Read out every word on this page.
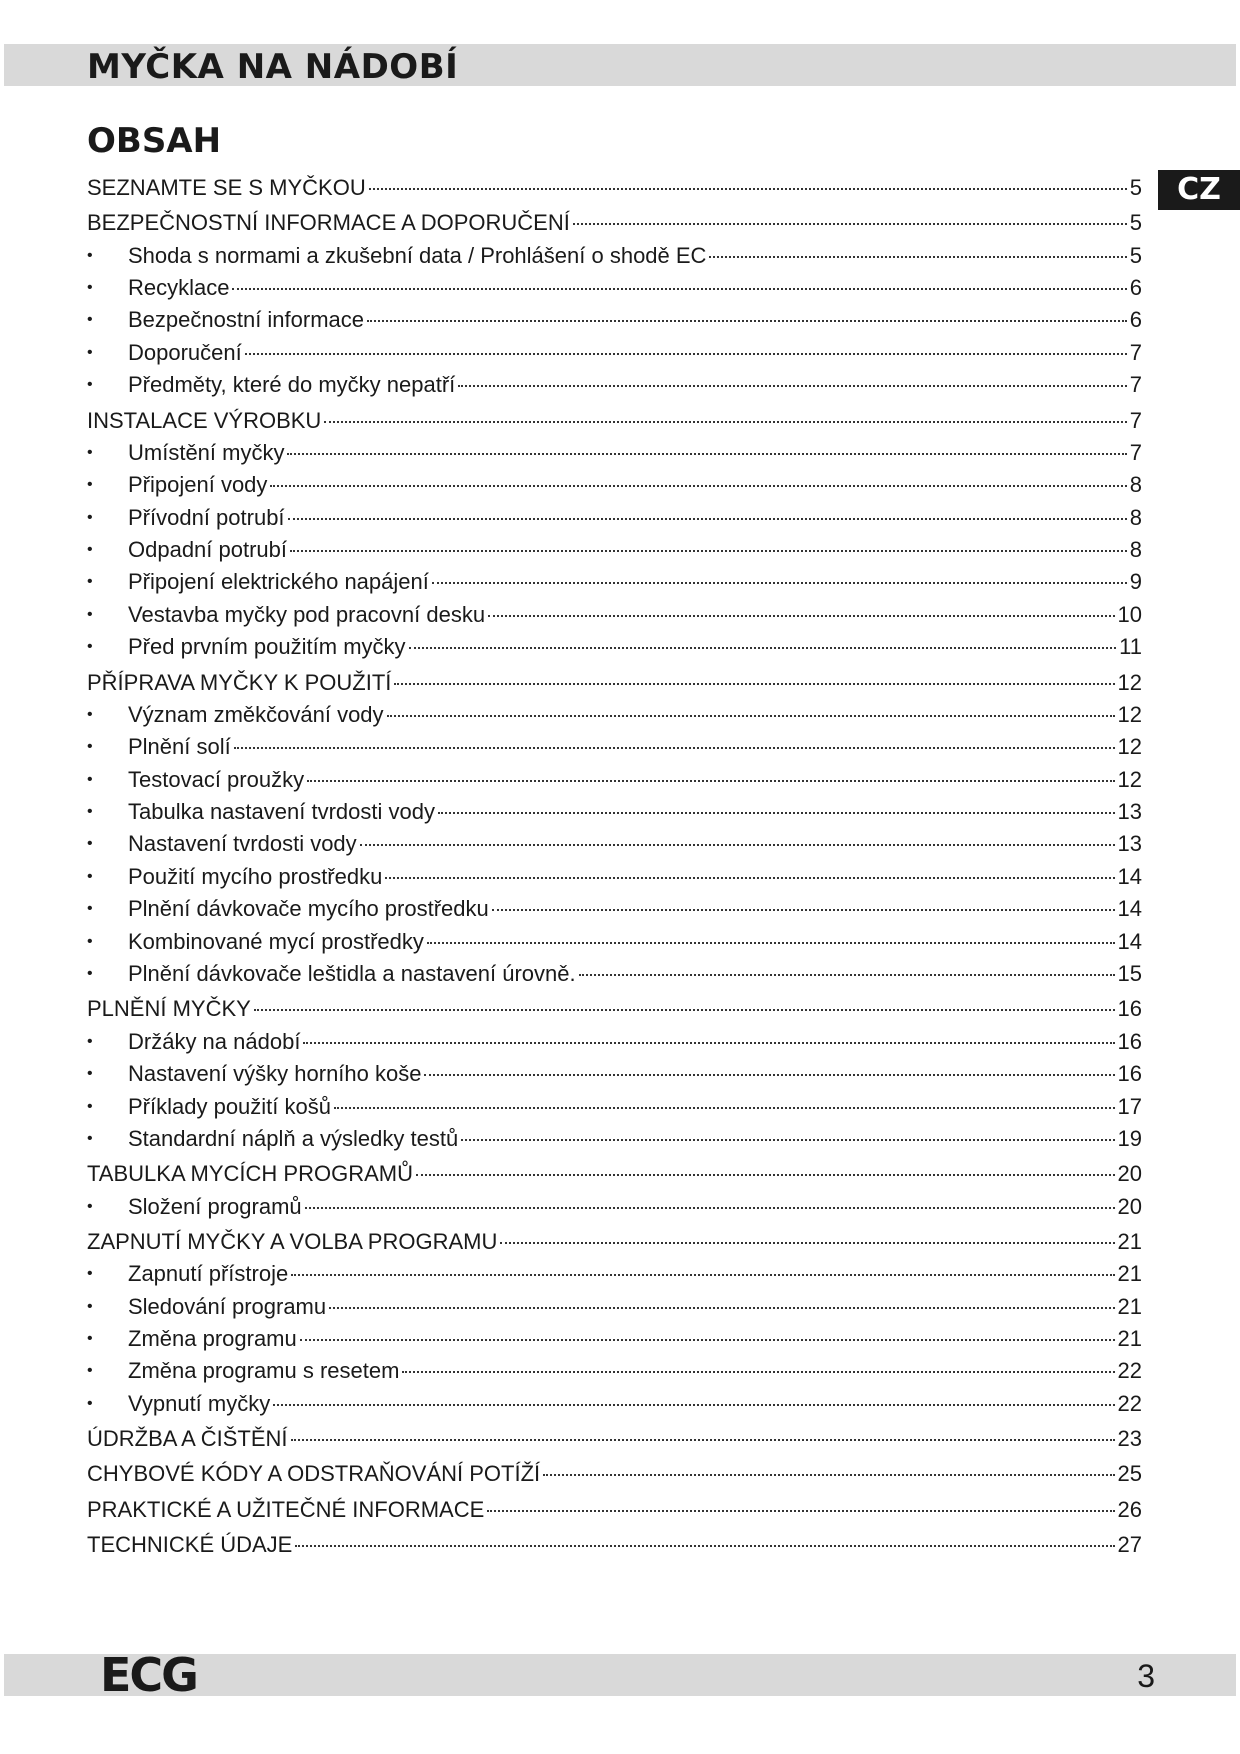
MYČKA NA NÁDOBÍ
OBSAH
CZ
SEZNAMTE SE S MYČKOU	5
BEZPEČNOSTNÍ INFORMACE A DOPORUČENÍ	5
• Shoda s normami a zkušební data / Prohlášení o shodě EC	5
• Recyklace	6
• Bezpečnostní informace	6
• Doporučení	7
• Předměty, které do myčky nepatří	7
INSTALACE VÝROBKU	7
• Umístění myčky	7
• Připojení vody	8
• Přívodní potrubí	8
• Odpadní potrubí	8
• Připojení elektrického napájení	9
• Vestavba myčky pod pracovní desku	10
• Před prvním použitím myčky	11
PŘÍPRAVA MYČKY K POUŽITÍ	12
• Význam změkčování vody	12
• Plnění solí	12
• Testovací proužky	12
• Tabulka nastavení tvrdosti vody	13
• Nastavení tvrdosti vody	13
• Použití mycího prostředku	14
• Plnění dávkovače mycího prostředku	14
• Kombinované mycí prostředky	14
• Plnění dávkovače leštidla a nastavení úrovně.	15
PLNĚNÍ MYČKY	16
• Držáky na nádobí	16
• Nastavení výšky horního koše	16
• Příklady použití košů	17
• Standardní náplň a výsledky testů	19
TABULKA MYCÍCH PROGRAMŮ	20
• Složení programů	20
ZAPNUTÍ MYČKY A VOLBA PROGRAMU	21
• Zapnutí přístroje	21
• Sledování programu	21
• Změna programu	21
• Změna programu s resetem	22
• Vypnutí myčky	22
ÚDRŽBA A ČIŠTĚNÍ	23
CHYBOVÉ KÓDY A ODSTRAŇOVÁNÍ POTÍŽÍ	25
PRAKTICKÉ A UŽITEČNÉ INFORMACE	26
TECHNICKÉ ÚDAJE	27
ECG	3
